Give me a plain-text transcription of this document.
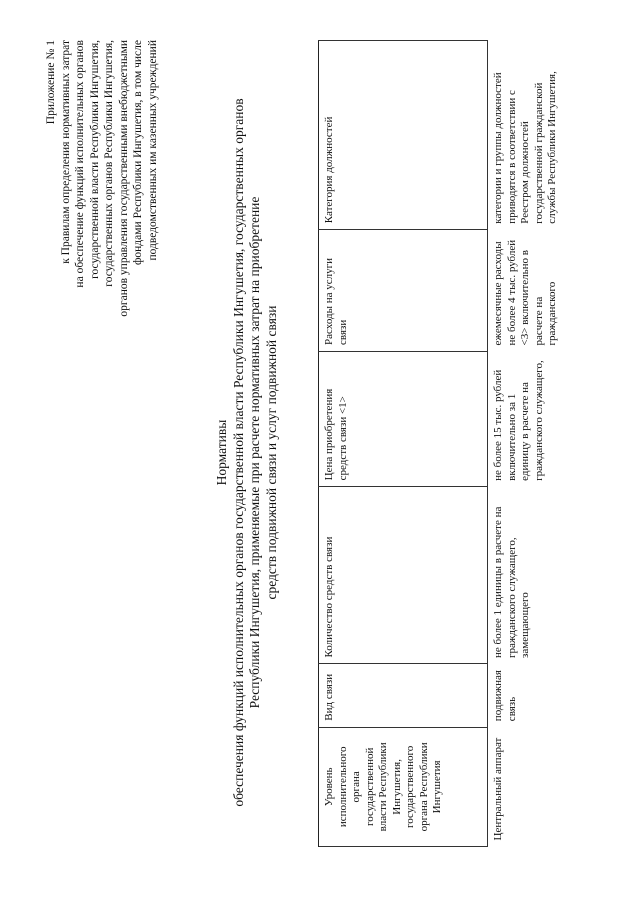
Приложение № 1 к Правилам определения нормативных затрат на обеспечение функций исполнительных органов государственной власти Республики Ингушетия, государственных органов Республики Ингушетия, органов управления государственными внебюджетными фондами Республики Ингушетия, в том числе подведомственных им казенных учреждений
Нормативы обеспечения функций исполнительных органов государственной власти Республики Ингушетия, государственных органов Республики Ингушетия, применяемые при расчете нормативных затрат на приобретение средств подвижной связи и услуг подвижной связи
Уровень исполнительного органа государственной власти Республики Ингушетия, государственного органа Республики Ингушетия	Вид связи	Количество средств связи	Цена приобретения средств связи <1>	Расходы на услуги связи	Категория должностей
Центральный аппарат	подвижная связь	не более 1 единицы в расчете на гражданского служащего, замещающего	не более 15 тыс. рублей включительно за 1 единицу в расчете на гражданского служащего,	ежемесячные расходы не более 4 тыс. рублей <3> включительно в расчете на гражданского	категории и группы должностей приводятся в соответствии с Реестром должностей государственной гражданской службы Республики Ингушетия,
